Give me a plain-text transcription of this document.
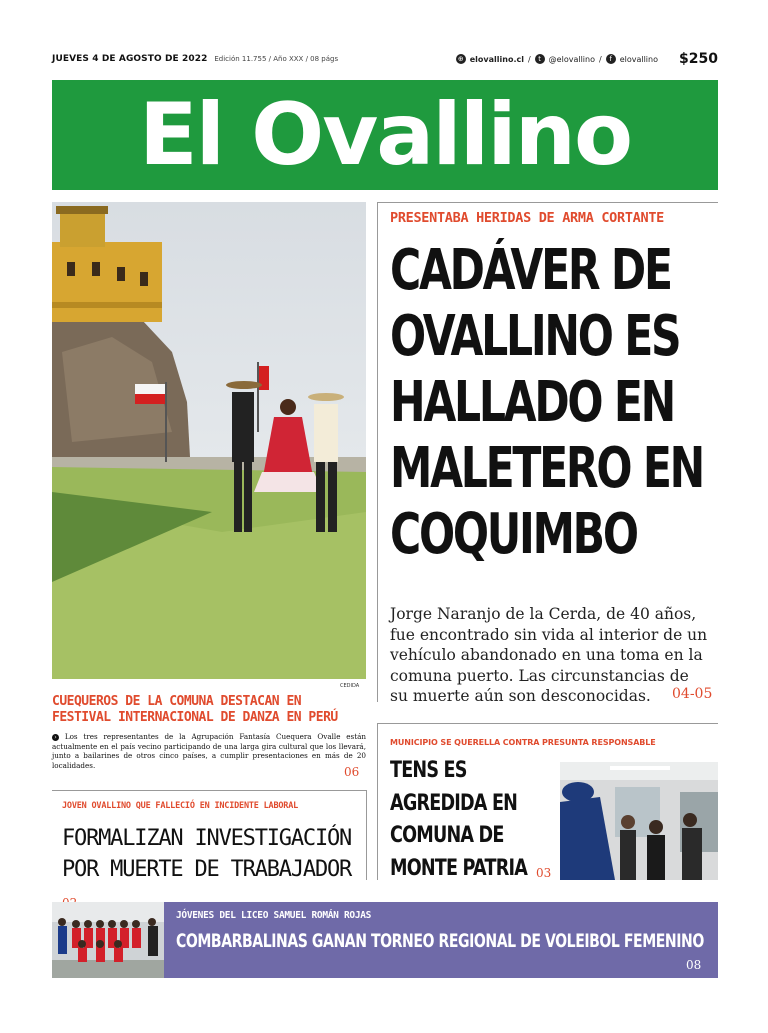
JUEVES 4 DE AGOSTO DE 2022 Edición 11.755 / Año XXX / 08 págs	⊕ elovallino.cl /	t @elovallino /	f elovallino $250
El Ovallino
CEDIDA
CUEQUEROS DE LA COMUNA DESTACAN EN
FESTIVAL INTERNACIONAL DE DANZA EN PERÚ
› Los tres representantes de la Agrupación Fantasía Cuequera Ovalle están actualmente en el país vecino participando de una larga gira cultural que los llevará, junto a bailarines de otros cinco países, a cumplir presentaciones en más de 20 localidades.	06
JOVEN OVALLINO QUE FALLECIÓ EN INCIDENTE LABORAL
FORMALIZAN INVESTIGACIÓN
POR MUERTE DE TRABAJADOR
PRESENTABA HERIDAS DE ARMA CORTANTE
CADÁVER DE
OVALLINO ES
HALLADO EN
MALETERO EN
COQUIMBO
Jorge Naranjo de la Cerda, de 40 años, fue encontrado sin vida al interior de un vehículo abandonado en una toma en la comuna puerto. Las circunstancias de su muerte aún son desconocidas.	04-05
MUNICIPIO SE QUERELLA CONTRA PRESUNTA RESPONSABLE
TENS ES
AGREDIDA EN
COMUNA DE
MONTE PATRIA 03
JÓVENES DEL LICEO SAMUEL ROMÁN ROJAS
COMBARBALINAS GANAN TORNEO REGIONAL DE VOLEIBOL FEMENINO
08
